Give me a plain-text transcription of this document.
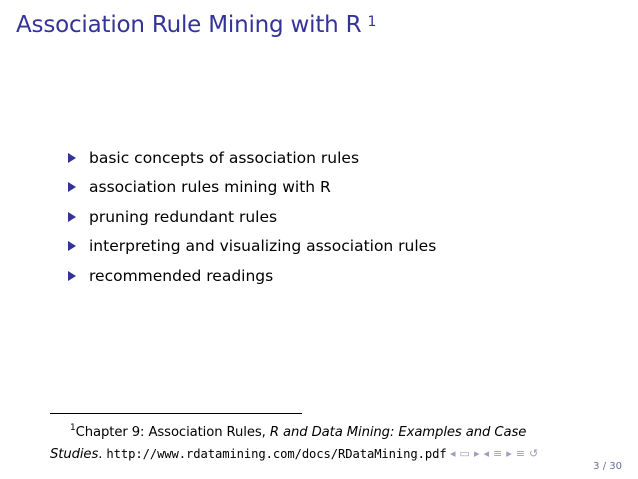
Association Rule Mining with R $^1$
basic concepts of association rules
association rules mining with R
pruning redundant rules
interpreting and visualizing association rules
recommended readings
$^1$Chapter 9: Association Rules, R and Data Mining: Examples and Case
Studies. http://www.rdatamining.com/docs/RDataMining.pdf ◂ ▭ ▸ ◂ ≡ ▸ ≡ ↺
3 / 30
